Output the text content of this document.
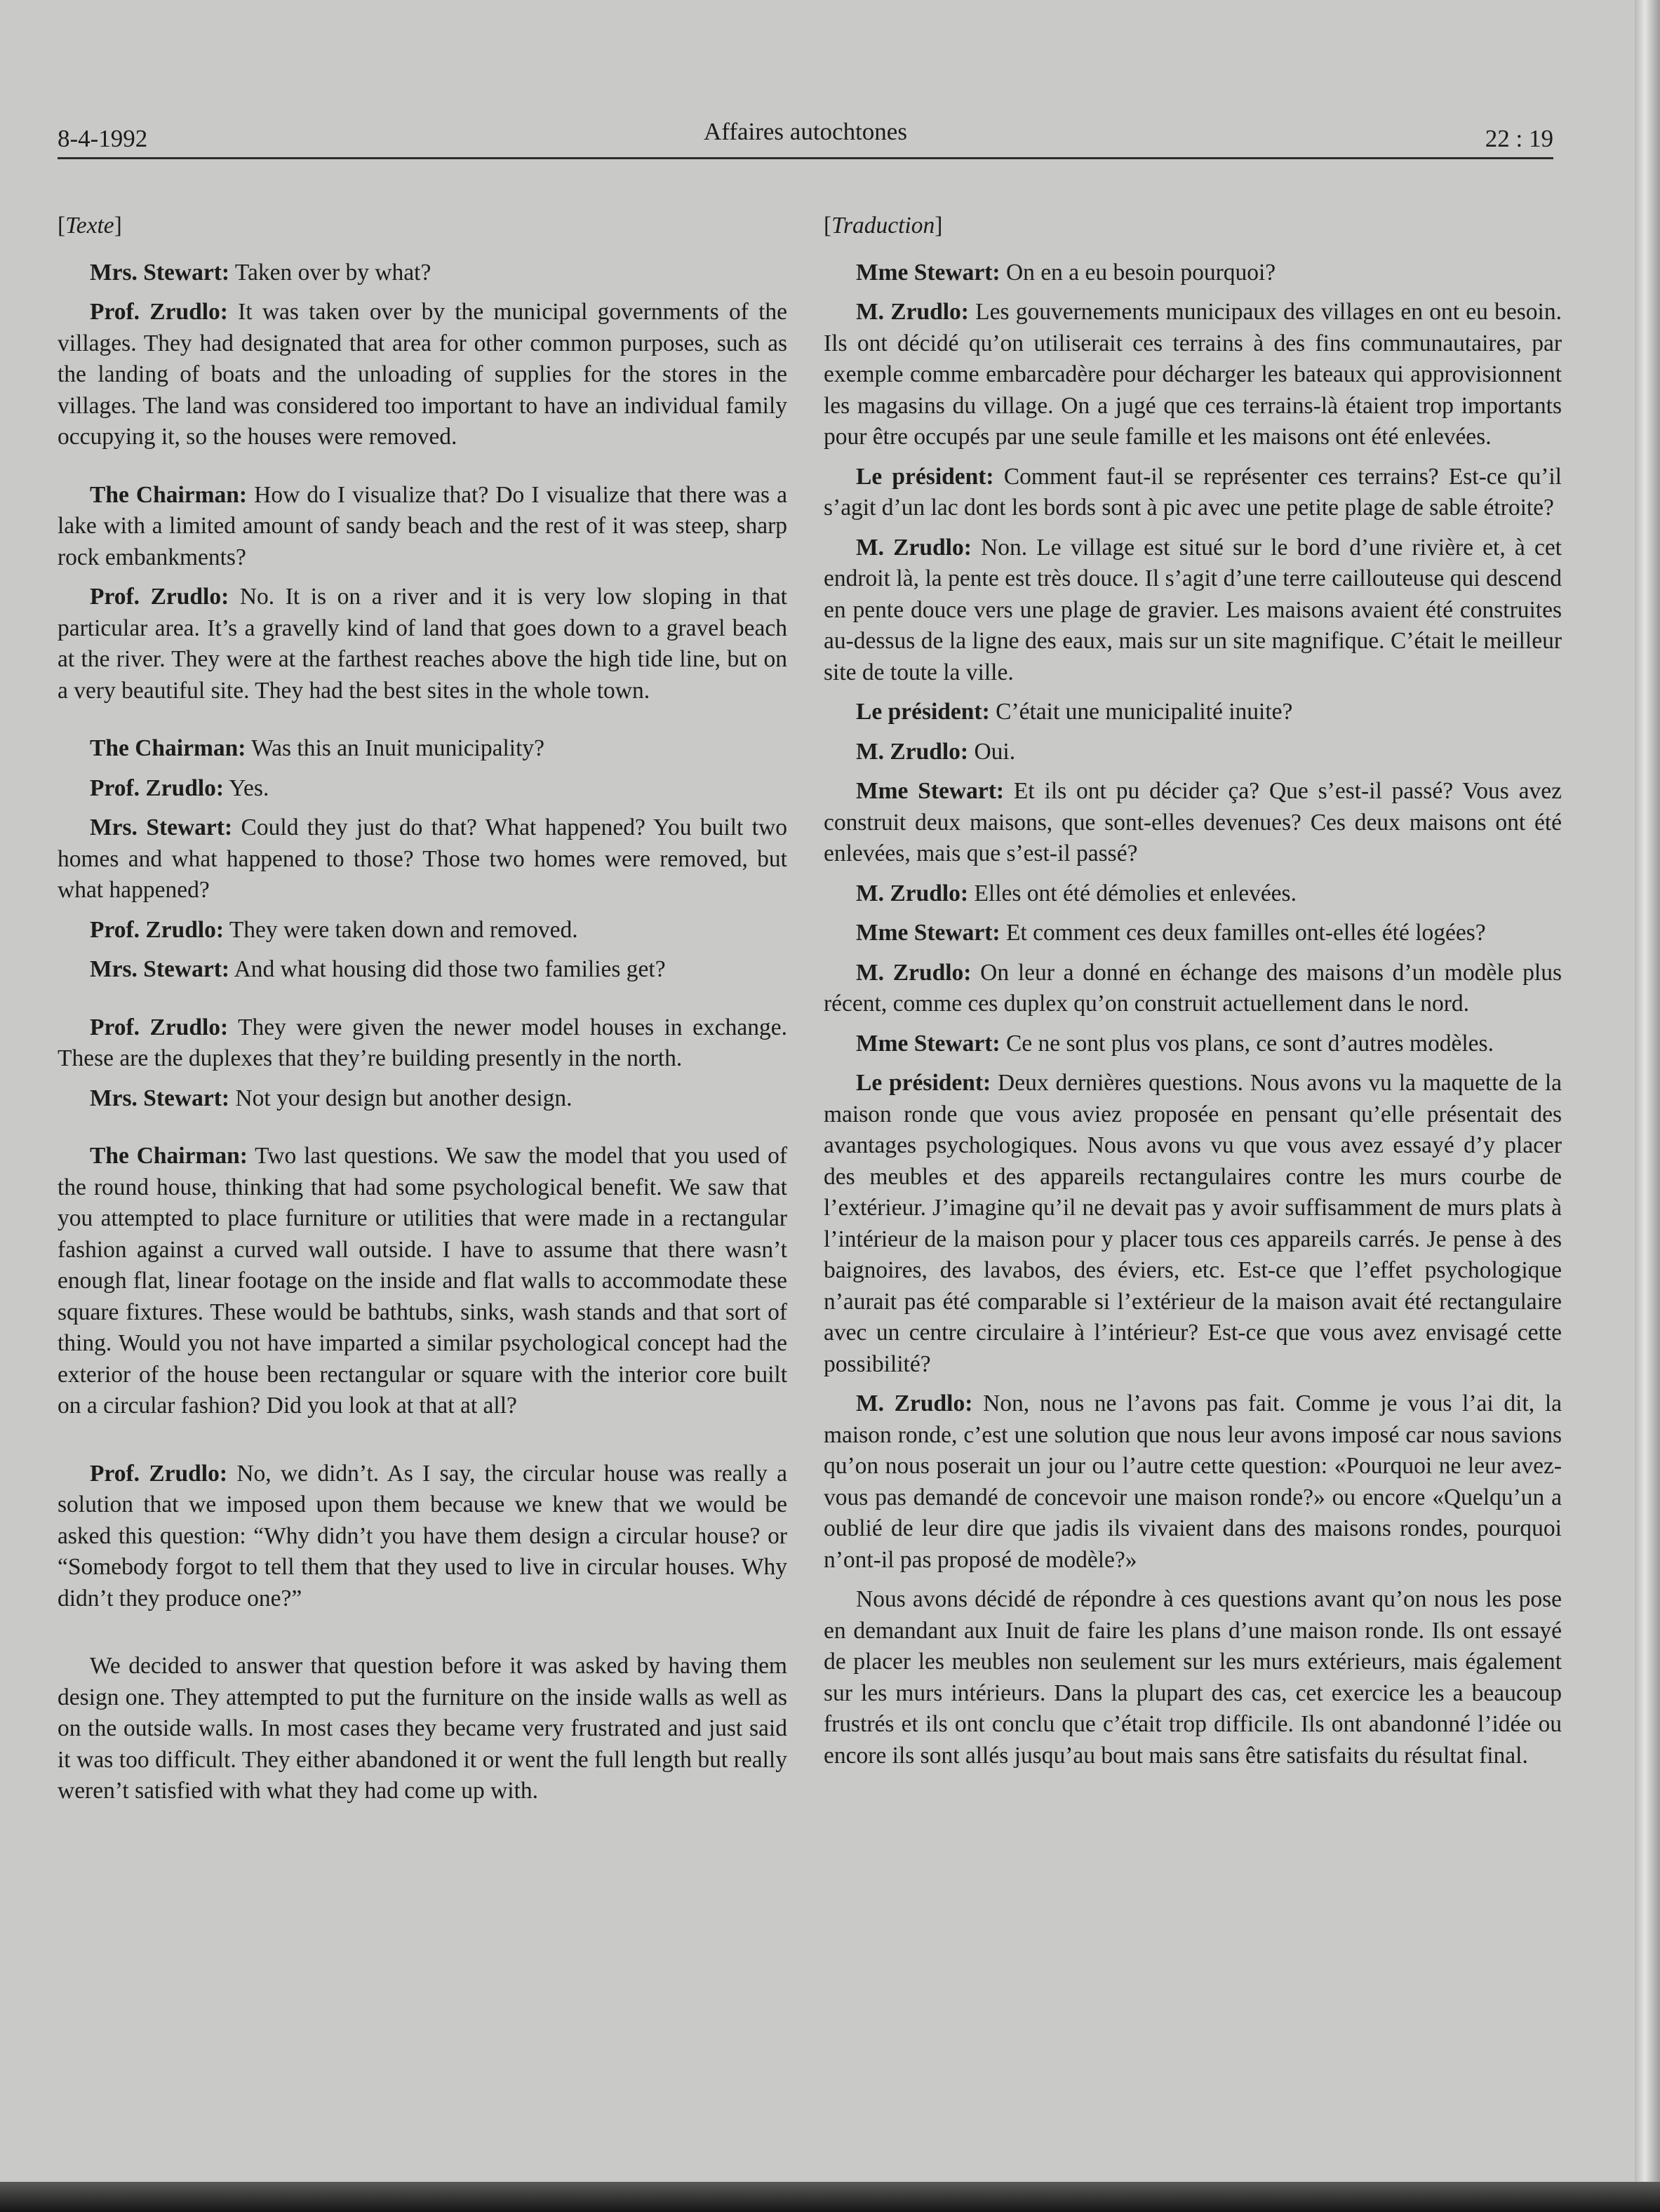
8-4-1992	Affaires autochtones	22 : 19
[Texte]

Mrs. Stewart: Taken over by what?

Prof. Zrudlo: It was taken over by the municipal governments of the villages. They had designated that area for other common purposes, such as the landing of boats and the unloading of supplies for the stores in the villages. The land was considered too important to have an individual family occupying it, so the houses were removed.

The Chairman: How do I visualize that? Do I visualize that there was a lake with a limited amount of sandy beach and the rest of it was steep, sharp rock embankments?

Prof. Zrudlo: No. It is on a river and it is very low sloping in that particular area. It’s a gravelly kind of land that goes down to a gravel beach at the river. They were at the farthest reaches above the high tide line, but on a very beautiful site. They had the best sites in the whole town.

The Chairman: Was this an Inuit municipality?

Prof. Zrudlo: Yes.

Mrs. Stewart: Could they just do that? What happened? You built two homes and what happened to those? Those two homes were removed, but what happened?

Prof. Zrudlo: They were taken down and removed.

Mrs. Stewart: And what housing did those two families get?

Prof. Zrudlo: They were given the newer model houses in exchange. These are the duplexes that they’re building presently in the north.

Mrs. Stewart: Not your design but another design.

The Chairman: Two last questions. We saw the model that you used of the round house, thinking that had some psychological benefit. We saw that you attempted to place furniture or utilities that were made in a rectangular fashion against a curved wall outside. I have to assume that there wasn’t enough flat, linear footage on the inside and flat walls to accommodate these square fixtures. These would be bathtubs, sinks, wash stands and that sort of thing. Would you not have imparted a similar psychological concept had the exterior of the house been rectangular or square with the interior core built on a circular fashion? Did you look at that at all?

Prof. Zrudlo: No, we didn’t. As I say, the circular house was really a solution that we imposed upon them because we knew that we would be asked this question: “Why didn’t you have them design a circular house? or “Somebody forgot to tell them that they used to live in circular houses. Why didn’t they produce one?”

We decided to answer that question before it was asked by having them design one. They attempted to put the furniture on the inside walls as well as on the outside walls. In most cases they became very frustrated and just said it was too difficult. They either abandoned it or went the full length but really weren’t satisfied with what they had come up with.

[Traduction]

Mme Stewart: On en a eu besoin pourquoi?

M. Zrudlo: Les gouvernements municipaux des villages en ont eu besoin. Ils ont décidé qu’on utiliserait ces terrains à des fins communautaires, par exemple comme embarcadère pour décharger les bateaux qui approvisionnent les magasins du village. On a jugé que ces terrains-là étaient trop importants pour être occupés par une seule famille et les maisons ont été enlevées.

Le président: Comment faut-il se représenter ces terrains? Est-ce qu’il s’agit d’un lac dont les bords sont à pic avec une petite plage de sable étroite?

M. Zrudlo: Non. Le village est situé sur le bord d’une rivière et, à cet endroit là, la pente est très douce. Il s’agit d’une terre caillouteuse qui descend en pente douce vers une plage de gravier. Les maisons avaient été construites au-dessus de la ligne des eaux, mais sur un site magnifique. C’était le meilleur site de toute la ville.

Le président: C’était une municipalité inuite?

M. Zrudlo: Oui.

Mme Stewart: Et ils ont pu décider ça? Que s’est-il passé? Vous avez construit deux maisons, que sont-elles devenues? Ces deux maisons ont été enlevées, mais que s’est-il passé?

M. Zrudlo: Elles ont été démolies et enlevées.

Mme Stewart: Et comment ces deux familles ont-elles été logées?

M. Zrudlo: On leur a donné en échange des maisons d’un modèle plus récent, comme ces duplex qu’on construit actuellement dans le nord.

Mme Stewart: Ce ne sont plus vos plans, ce sont d’autres modèles.

Le président: Deux dernières questions. Nous avons vu la maquette de la maison ronde que vous aviez proposée en pensant qu’elle présentait des avantages psychologiques. Nous avons vu que vous avez essayé d’y placer des meubles et des appareils rectangulaires contre les murs courbe de l’extérieur. J’imagine qu’il ne devait pas y avoir suffisamment de murs plats à l’intérieur de la maison pour y placer tous ces appareils carrés. Je pense à des baignoires, des lavabos, des éviers, etc. Est-ce que l’effet psychologique n’aurait pas été comparable si l’extérieur de la maison avait été rectangulaire avec un centre circulaire à l’intérieur? Est-ce que vous avez envisagé cette possibilité?

M. Zrudlo: Non, nous ne l’avons pas fait. Comme je vous l’ai dit, la maison ronde, c’est une solution que nous leur avons imposé car nous savions qu’on nous poserait un jour ou l’autre cette question: «Pourquoi ne leur avez-vous pas demandé de concevoir une maison ronde?» ou encore «Quelqu’un a oublié de leur dire que jadis ils vivaient dans des maisons rondes, pourquoi n’ont-il pas proposé de modèle?»

Nous avons décidé de répondre à ces questions avant qu’on nous les pose en demandant aux Inuit de faire les plans d’une maison ronde. Ils ont essayé de placer les meubles non seulement sur les murs extérieurs, mais également sur les murs intérieurs. Dans la plupart des cas, cet exercice les a beaucoup frustrés et ils ont conclu que c’était trop difficile. Ils ont abandonné l’idée ou encore ils sont allés jusqu’au bout mais sans être satisfaits du résultat final.
